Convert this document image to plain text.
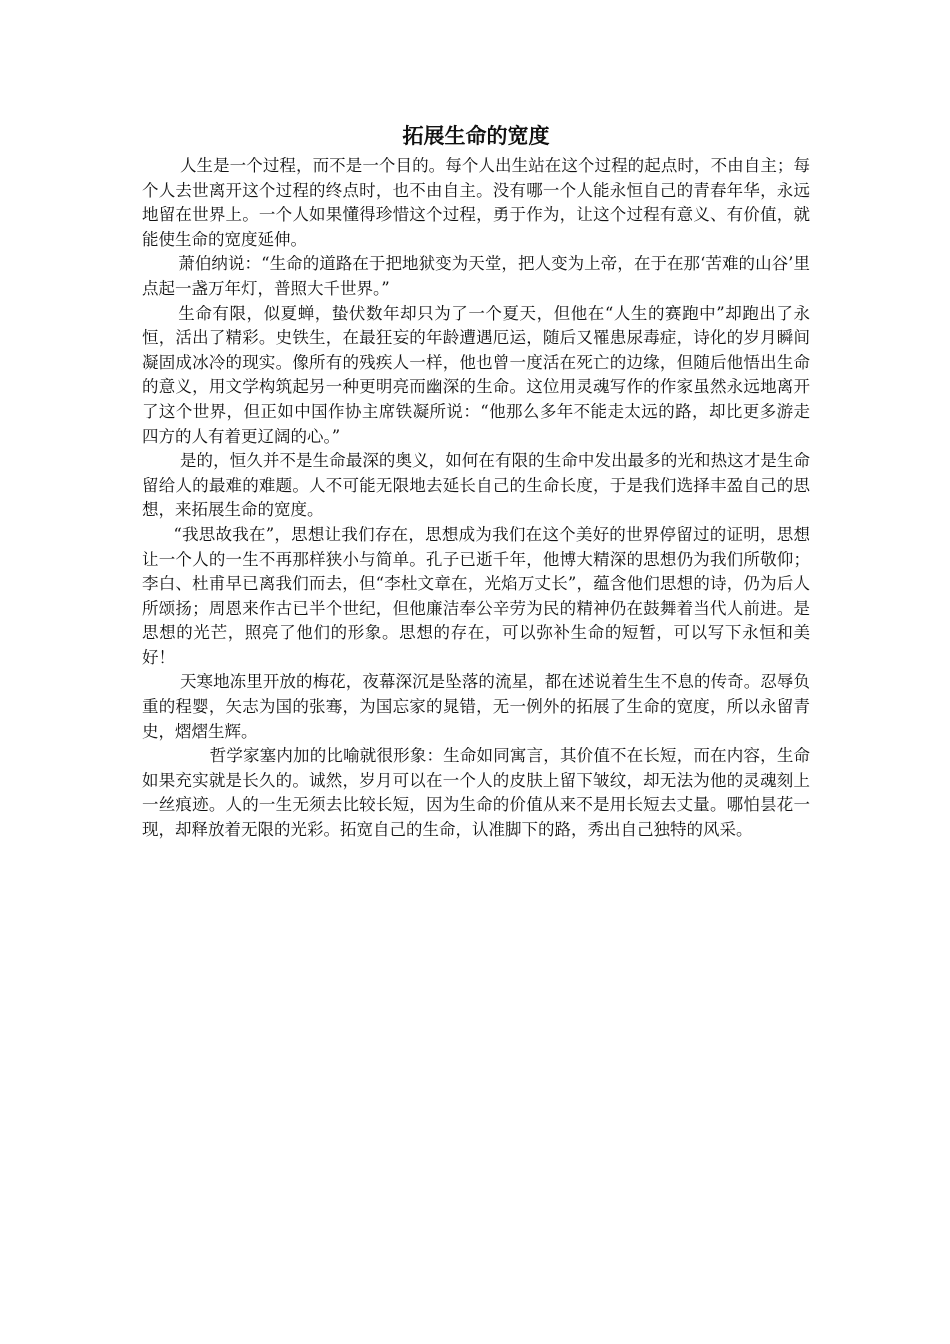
拓展生命的宽度

人生是一个过程，而不是一个目的。每个人出生站在这个过程的起点时，不由自主；每个人去世离开这个过程的终点时，也不由自主。没有哪一个人能永恒自己的青春年华，永远地留在世界上。一个人如果懂得珍惜这个过程，勇于作为，让这个过程有意义、有价值，就能使生命的宽度延伸。

萧伯纳说：“生命的道路在于把地狱变为天堂，把人变为上帝，在于在那‘苦难的山谷’里点起一盏万年灯，普照大千世界。”

生命有限，似夏蝉，蛰伏数年却只为了一个夏天，但他在“人生的赛跑中”却跑出了永恒，活出了精彩。史铁生，在最狂妄的年龄遭遇厄运，随后又罹患尿毒症，诗化的岁月瞬间凝固成冰冷的现实。像所有的残疾人一样，他也曾一度活在死亡的边缘，但随后他悟出生命的意义，用文学构筑起另一种更明亮而幽深的生命。这位用灵魂写作的作家虽然永远地离开了这个世界，但正如中国作协主席铁凝所说：“他那么多年不能走太远的路，却比更多游走四方的人有着更辽阔的心。”

是的，恒久并不是生命最深的奥义，如何在有限的生命中发出最多的光和热这才是生命留给人的最难的难题。人不可能无限地去延长自己的生命长度，于是我们选择丰盈自己的思想，来拓展生命的宽度。

“我思故我在”，思想让我们存在，思想成为我们在这个美好的世界停留过的证明，思想让一个人的一生不再那样狭小与简单。孔子已逝千年，他博大精深的思想仍为我们所敬仰；李白、杜甫早已离我们而去，但“李杜文章在，光焰万丈长”，蕴含他们思想的诗，仍为后人所颂扬；周恩来作古已半个世纪，但他廉洁奉公辛劳为民的精神仍在鼓舞着当代人前进。是思想的光芒，照亮了他们的形象。思想的存在，可以弥补生命的短暂，可以写下永恒和美好！

天寒地冻里开放的梅花，夜幕深沉是坠落的流星，都在述说着生生不息的传奇。忍辱负重的程婴，矢志为国的张骞，为国忘家的晁错，无一例外的拓展了生命的宽度，所以永留青史，熠熠生辉。

哲学家塞内加的比喻就很形象：生命如同寓言，其价值不在长短，而在内容，生命如果充实就是长久的。诚然，岁月可以在一个人的皮肤上留下皱纹，却无法为他的灵魂刻上一丝痕迹。人的一生无须去比较长短，因为生命的价值从来不是用长短去丈量。哪怕昙花一现，却释放着无限的光彩。拓宽自己的生命，认准脚下的路，秀出自己独特的风采。
